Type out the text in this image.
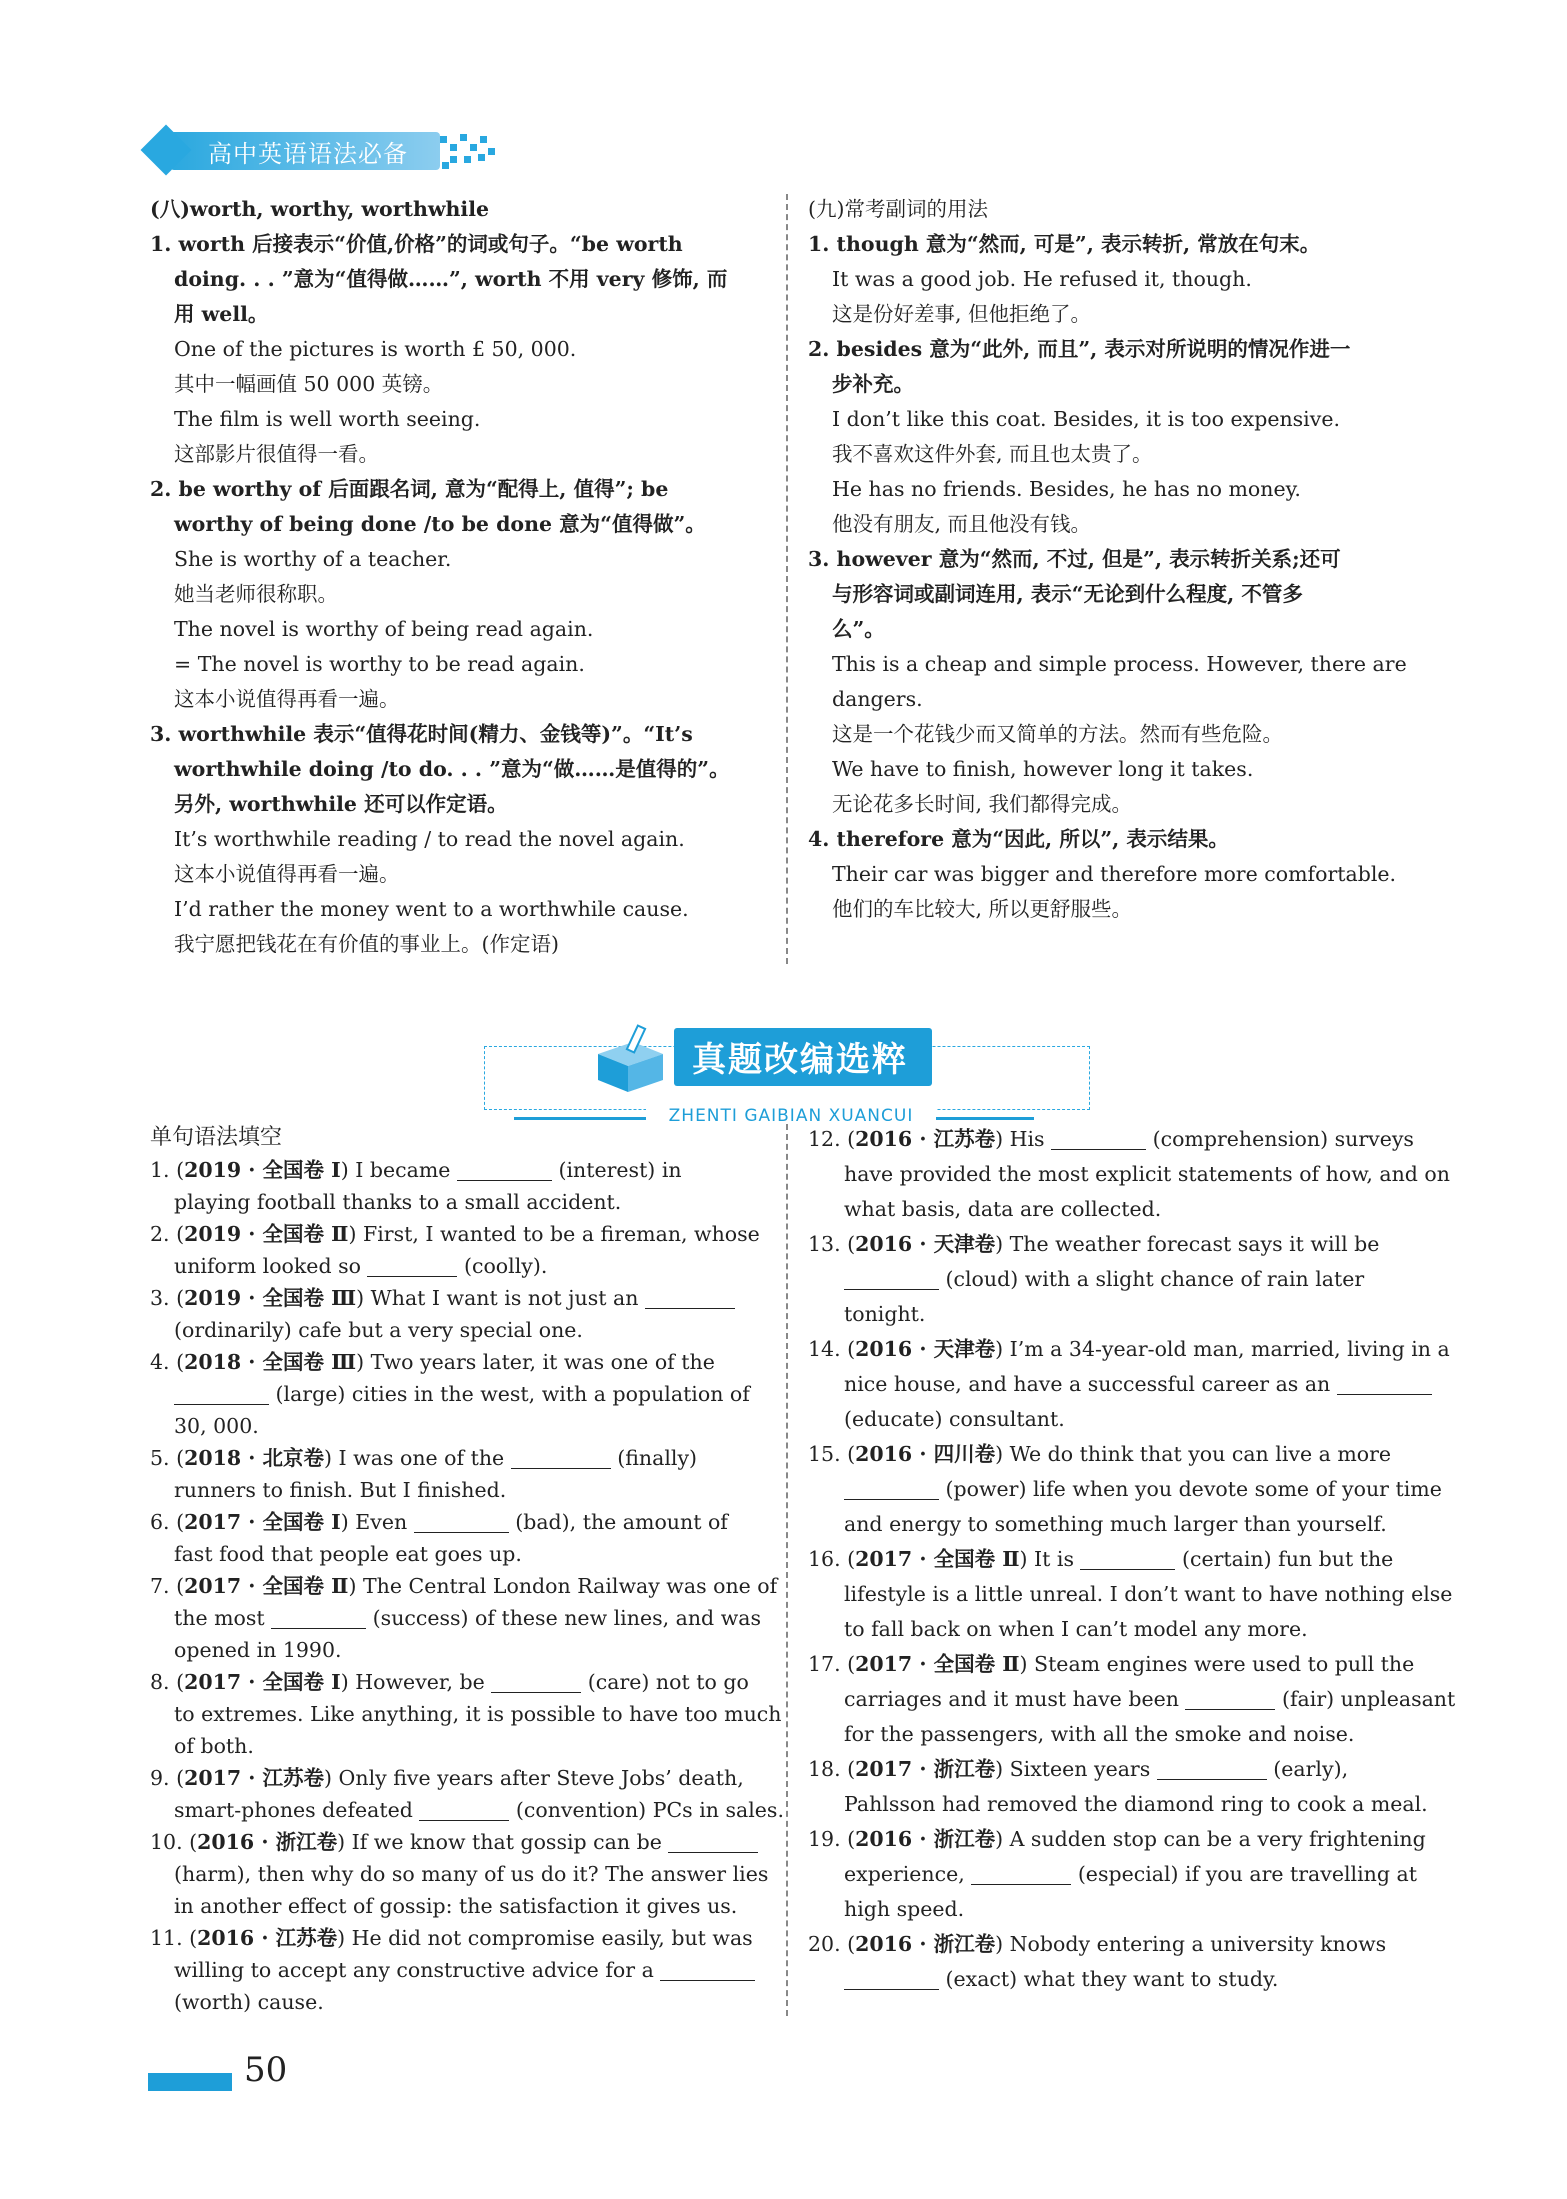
高中英语语法必备
(八)worth, worthy, worthwhile
1. worth 后接表示“价值,价格”的词或句子。“be worth
doing. . . ”意为“值得做……”, worth 不用 very 修饰, 而
用 well。
One of the pictures is worth £ 50, 000.
其中一幅画值 50 000 英镑。
The film is well worth seeing.
这部影片很值得一看。
2. be worthy of 后面跟名词, 意为“配得上, 值得”; be
worthy of being done /to be done 意为“值得做”。
She is worthy of a teacher.
她当老师很称职。
The novel is worthy of being read again.
= The novel is worthy to be read again.
这本小说值得再看一遍。
3. worthwhile 表示“值得花时间(精力、金钱等)”。“It’s
worthwhile doing /to do. . . ”意为“做……是值得的”。
另外, worthwhile 还可以作定语。
It’s worthwhile reading / to read the novel again.
这本小说值得再看一遍。
I’d rather the money went to a worthwhile cause.
我宁愿把钱花在有价值的事业上。(作定语)
(九)常考副词的用法
1. though 意为“然而, 可是”, 表示转折, 常放在句末。
It was a good job. He refused it, though.
这是份好差事, 但他拒绝了。
2. besides 意为“此外, 而且”, 表示对所说明的情况作进一
步补充。
I don’t like this coat. Besides, it is too expensive.
我不喜欢这件外套, 而且也太贵了。
He has no friends. Besides, he has no money.
他没有朋友, 而且他没有钱。
3. however 意为“然而, 不过, 但是”, 表示转折关系;还可
与形容词或副词连用, 表示“无论到什么程度, 不管多
么”。
This is a cheap and simple process. However, there are
dangers.
这是一个花钱少而又简单的方法。然而有些危险。
We have to finish, however long it takes.
无论花多长时间, 我们都得完成。
4. therefore 意为“因此, 所以”, 表示结果。
Their car was bigger and therefore more comfortable.
他们的车比较大, 所以更舒服些。
真题改编选粹
ZHENTI GAIBIAN XUANCUI
单句语法填空
1. (2019 · 全国卷 Ⅰ) I became	(interest) in
playing football thanks to a small accident.
2. (2019 · 全国卷 Ⅱ) First, I wanted to be a fireman, whose
uniform looked so	(coolly).
3. (2019 · 全国卷 Ⅲ) What I want is not just an
(ordinarily) cafe but a very special one.
4. (2018 · 全国卷 Ⅲ) Two years later, it was one of the
(large) cities in the west, with a population of
30, 000.
5. (2018 · 北京卷) I was one of the	(finally)
runners to finish. But I finished.
6. (2017 · 全国卷 Ⅰ) Even	(bad), the amount of
fast food that people eat goes up.
7. (2017 · 全国卷 Ⅱ) The Central London Railway was one of
the most	(success) of these new lines, and was
opened in 1990.
8. (2017 · 全国卷 Ⅰ) However, be	(care) not to go
to extremes. Like anything, it is possible to have too much
of both.
9. (2017 · 江苏卷) Only five years after Steve Jobs’ death,
smart-phones defeated	(convention) PCs in sales.
10. (2016 · 浙江卷) If we know that gossip can be
(harm), then why do so many of us do it? The answer lies
in another effect of gossip: the satisfaction it gives us.
11. (2016 · 江苏卷) He did not compromise easily, but was
willing to accept any constructive advice for a
(worth) cause.
12. (2016 · 江苏卷) His	(comprehension) surveys
have provided the most explicit statements of how, and on
what basis, data are collected.
13. (2016 · 天津卷) The weather forecast says it will be
(cloud) with a slight chance of rain later
tonight.
14. (2016 · 天津卷) I’m a 34-year-old man, married, living in a
nice house, and have a successful career as an
(educate) consultant.
15. (2016 · 四川卷) We do think that you can live a more
(power) life when you devote some of your time
and energy to something much larger than yourself.
16. (2017 · 全国卷 Ⅱ) It is	(certain) fun but the
lifestyle is a little unreal. I don’t want to have nothing else
to fall back on when I can’t model any more.
17. (2017 · 全国卷 Ⅱ) Steam engines were used to pull the
carriages and it must have been	(fair) unpleasant
for the passengers, with all the smoke and noise.
18. (2017 · 浙江卷) Sixteen years	(early),
Pahlsson had removed the diamond ring to cook a meal.
19. (2016 · 浙江卷) A sudden stop can be a very frightening
experience,	(especial) if you are travelling at
high speed.
20. (2016 · 浙江卷) Nobody entering a university knows
(exact) what they want to study.
50
